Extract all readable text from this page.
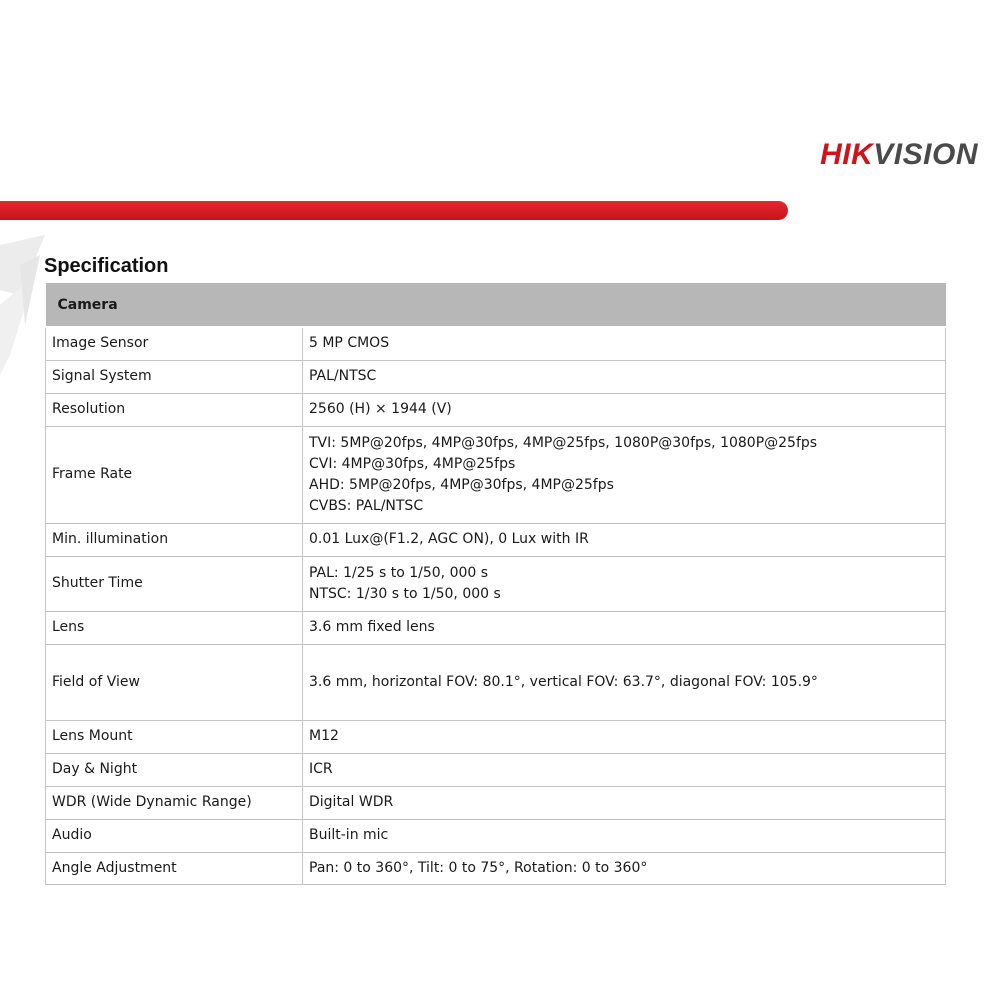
HIKVISION
Specification
Camera	
Image Sensor	5 MP CMOS

Signal System	PAL/NTSC

Resolution	2560 (H) × 1944 (V)

Frame Rate	TVI: 5MP@20fps, 4MP@30fps, 4MP@25fps, 1080P@30fps, 1080P@25fps
CVI: 4MP@30fps, 4MP@25fps
AHD: 5MP@20fps, 4MP@30fps, 4MP@25fps
CVBS: PAL/NTSC

Min. illumination	0.01 Lux@(F1.2, AGC ON), 0 Lux with IR

Shutter Time	PAL: 1/25 s to 1/50, 000 s
NTSC: 1/30 s to 1/50, 000 s

Lens	3.6 mm fixed lens

Field of View	3.6 mm, horizontal FOV: 80.1°, vertical FOV: 63.7°, diagonal FOV: 105.9°

Lens Mount	M12

Day & Night	ICR

WDR (Wide Dynamic Range)	Digital WDR

Audio	Built-in mic

Angle Adjustment	Pan: 0 to 360°, Tilt: 0 to 75°, Rotation: 0 to 360°
